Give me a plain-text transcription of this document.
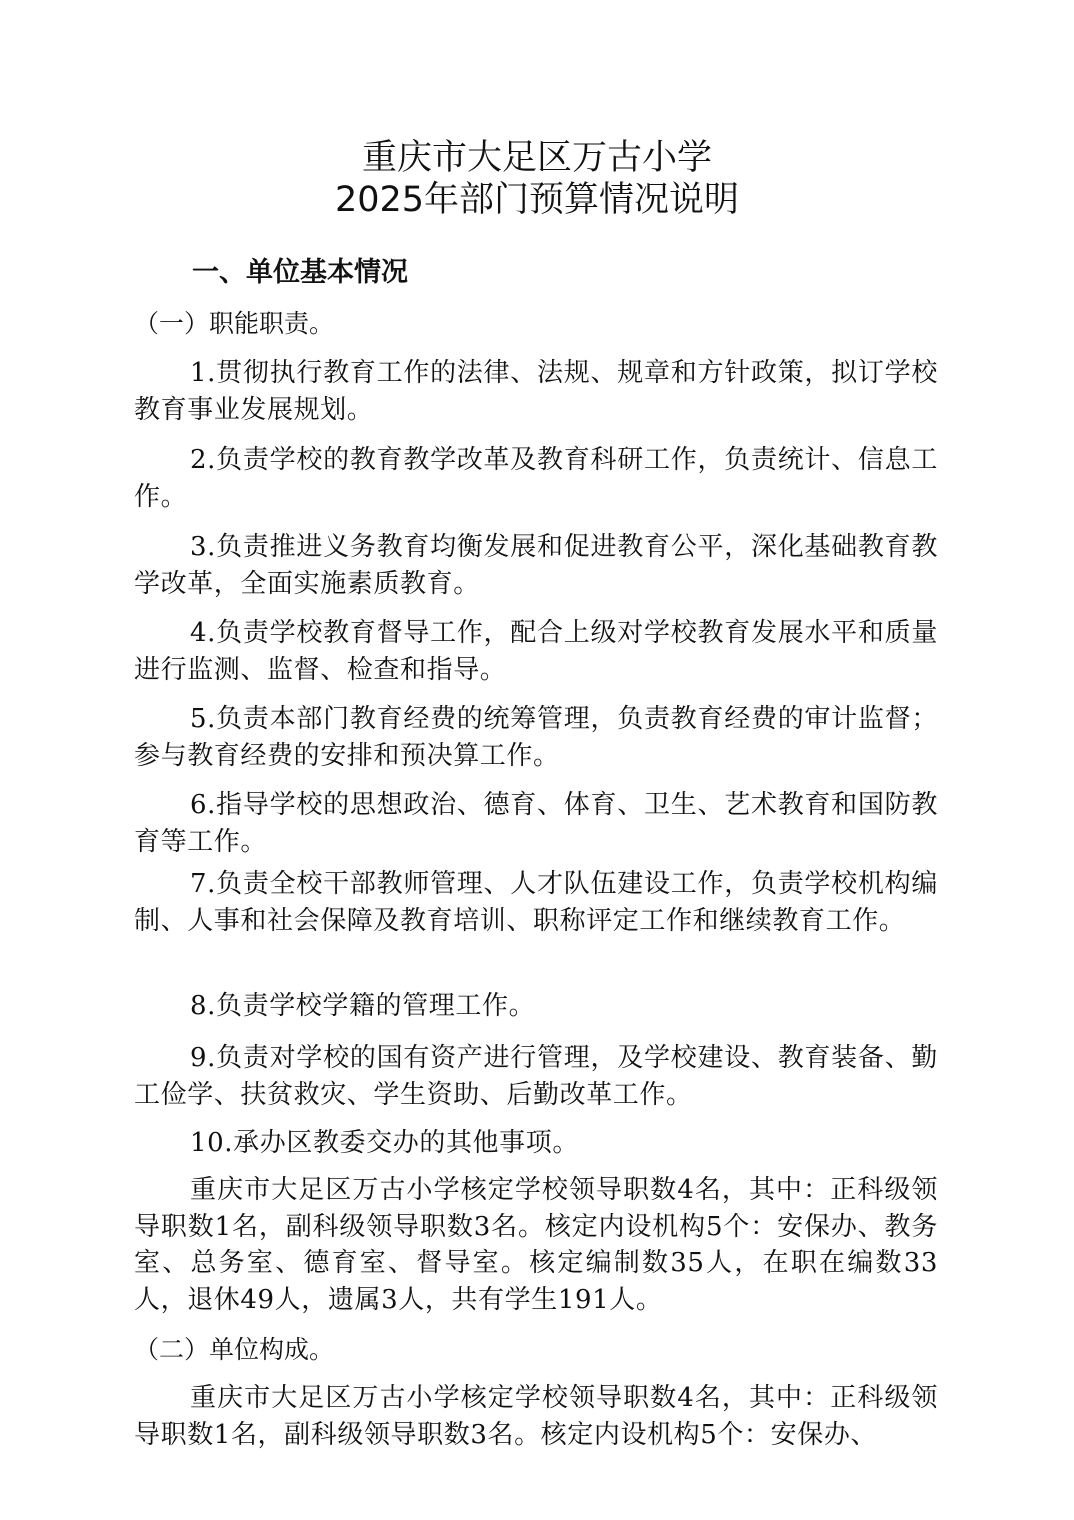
重庆市大足区万古小学
2025年部门预算情况说明
一、单位基本情况
（一）职能职责。
1.贯彻执行教育工作的法律、法规、规章和方针政策，拟订学校教育事业发展规划。
2.负责学校的教育教学改革及教育科研工作，负责统计、信息工作。
3.负责推进义务教育均衡发展和促进教育公平，深化基础教育教学改革，全面实施素质教育。
4.负责学校教育督导工作，配合上级对学校教育发展水平和质量进行监测、监督、检查和指导。
5.负责本部门教育经费的统筹管理，负责教育经费的审计监督；参与教育经费的安排和预决算工作。
6.指导学校的思想政治、德育、体育、卫生、艺术教育和国防教育等工作。
7.负责全校干部教师管理、人才队伍建设工作，负责学校机构编制、人事和社会保障及教育培训、职称评定工作和继续教育工作。
8.负责学校学籍的管理工作。
9.负责对学校的国有资产进行管理，及学校建设、教育装备、勤工俭学、扶贫救灾、学生资助、后勤改革工作。
10.承办区教委交办的其他事项。
重庆市大足区万古小学核定学校领导职数4名，其中：正科级领导职数1名，副科级领导职数3名。核定内设机构5个：安保办、教务室、总务室、德育室、督导室。核定编制数35人，在职在编数33人，退休49人，遗属3人，共有学生191人。
（二）单位构成。
重庆市大足区万古小学核定学校领导职数4名，其中：正科级领导职数1名，副科级领导职数3名。核定内设机构5个：安保办、
